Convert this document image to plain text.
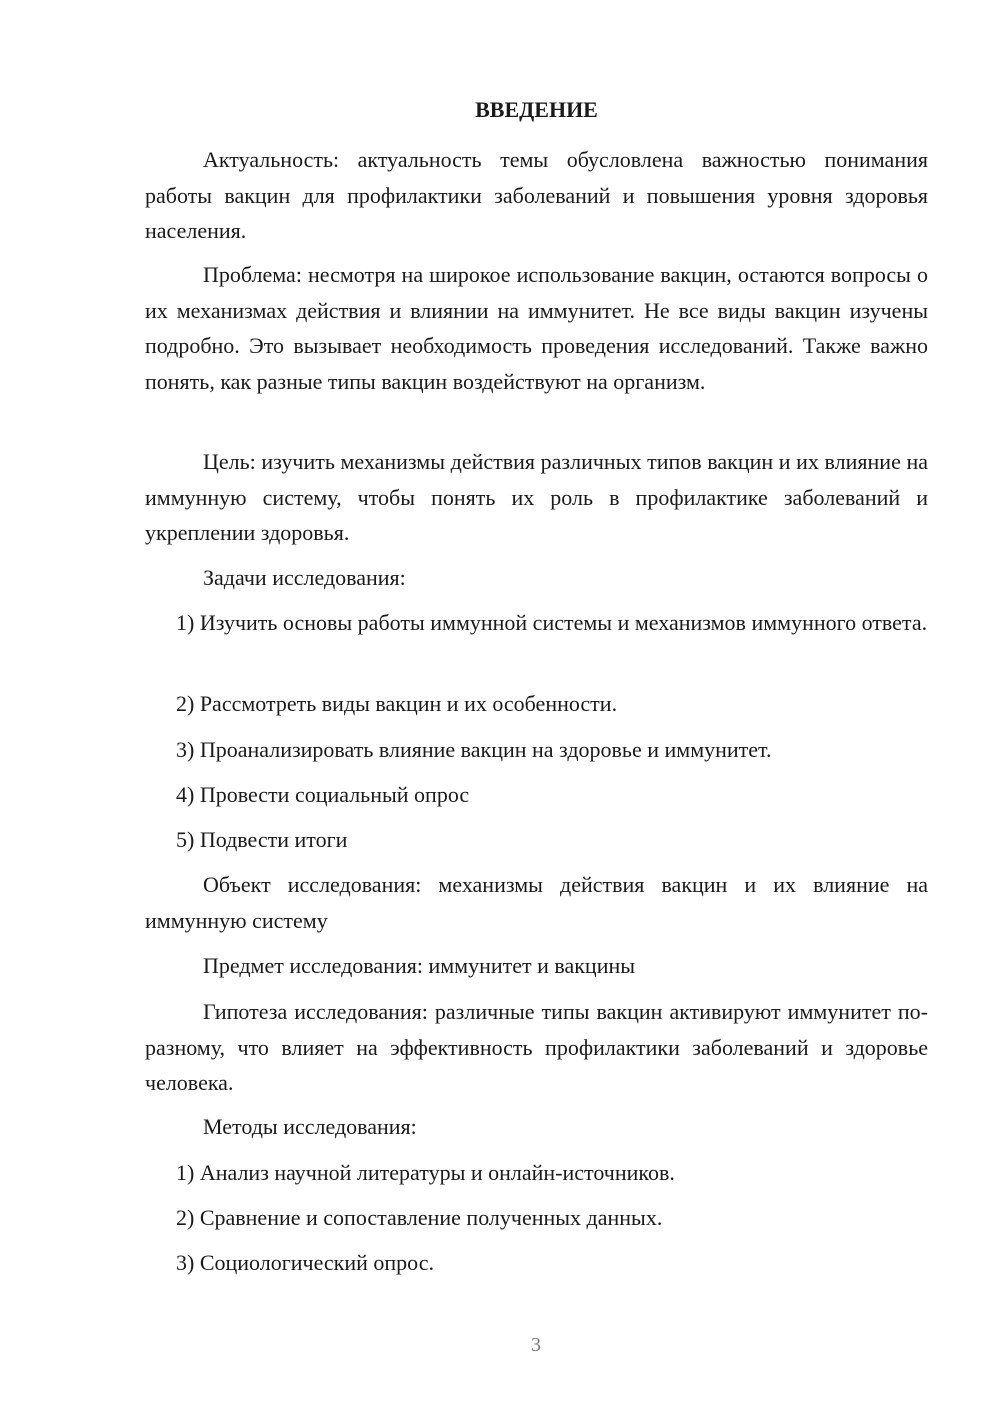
ВВЕДЕНИЕ

Актуальность: актуальность темы обусловлена важностью понимания работы вакцин для профилактики заболеваний и повышения уровня здоровья населения.

Проблема: несмотря на широкое использование вакцин, остаются вопросы о их механизмах действия и влиянии на иммунитет. Не все виды вакцин изучены подробно. Это вызывает необходимость проведения исследований. Также важно понять, как разные типы вакцин воздействуют на организм.

Цель: изучить механизмы действия различных типов вакцин и их влияние на иммунную систему, чтобы понять их роль в профилактике заболеваний и укреплении здоровья.

Задачи исследования:

1) Изучить основы работы иммунной системы и механизмов иммунного ответа.

2) Рассмотреть виды вакцин и их особенности.

3) Проанализировать влияние вакцин на здоровье и иммунитет.

4) Провести социальный опрос

5) Подвести итоги

Объект исследования: механизмы действия вакцин и их влияние на иммунную систему

Предмет исследования: иммунитет и вакцины

Гипотеза исследования: различные типы вакцин активируют иммунитет по-разному, что влияет на эффективность профилактики заболеваний и здоровье человека.

Методы исследования:

1) Анализ научной литературы и онлайн-источников.

2) Сравнение и сопоставление полученных данных.

3) Социологический опрос.

3
